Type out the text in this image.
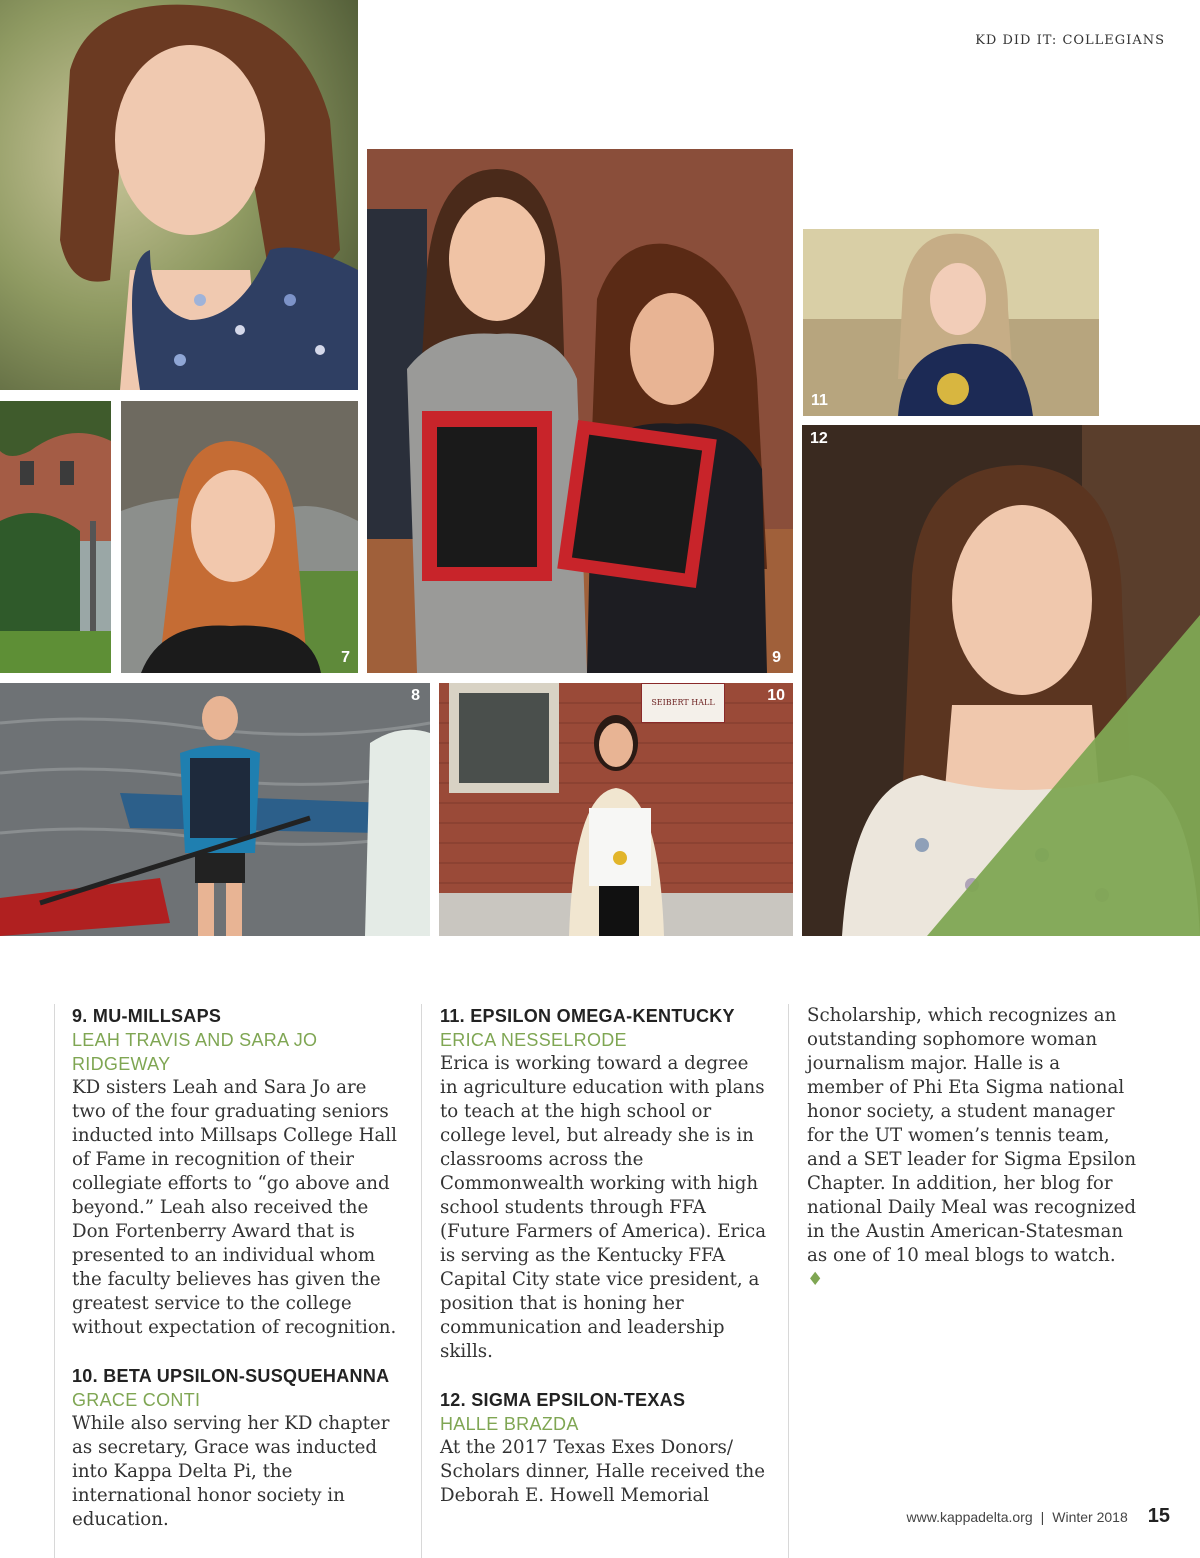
KD DID IT: COLLEGIANS
7	9
11
12
8	SEIBERT HALL	10
9. MU-MILLSAPS
LEAH TRAVIS AND SARA JO RIDGEWAY

KD sisters Leah and Sara Jo are two of the four graduating seniors inducted into Millsaps College Hall of Fame in recognition of their collegiate efforts to “go above and beyond.” Leah also received the Don Fortenberry Award that is presented to an individual whom the faculty believes has given the greatest service to the college without expectation of recognition.

10. BETA UPSILON-SUSQUEHANNA
GRACE CONTI

While also serving her KD chapter as secretary, Grace was inducted into Kappa Delta Pi, the international honor society in education.

11. EPSILON OMEGA-KENTUCKY
ERICA NESSELRODE

Erica is working toward a degree in agriculture education with plans to teach at the high school or college level, but already she is in classrooms across the Commonwealth working with high school students through FFA (Future Farmers of America). Erica is serving as the Kentucky FFA Capital City state vice president, a position that is honing her communication and leadership skills.

12. SIGMA EPSILON-TEXAS
HALLE BRAZDA

At the 2017 Texas Exes Donors/ Scholars dinner, Halle received the Deborah E. Howell Memorial

Scholarship, which recognizes an outstanding sophomore woman journalism major. Halle is a member of Phi Eta Sigma national honor society, a student manager for the UT women’s tennis team, and a SET leader for Sigma Epsilon Chapter. In addition, her blog for national Daily Meal was recognized in the Austin American-Statesman as one of 10 meal blogs to watch. ♦

www.kappadelta.org | Winter 2018 15
